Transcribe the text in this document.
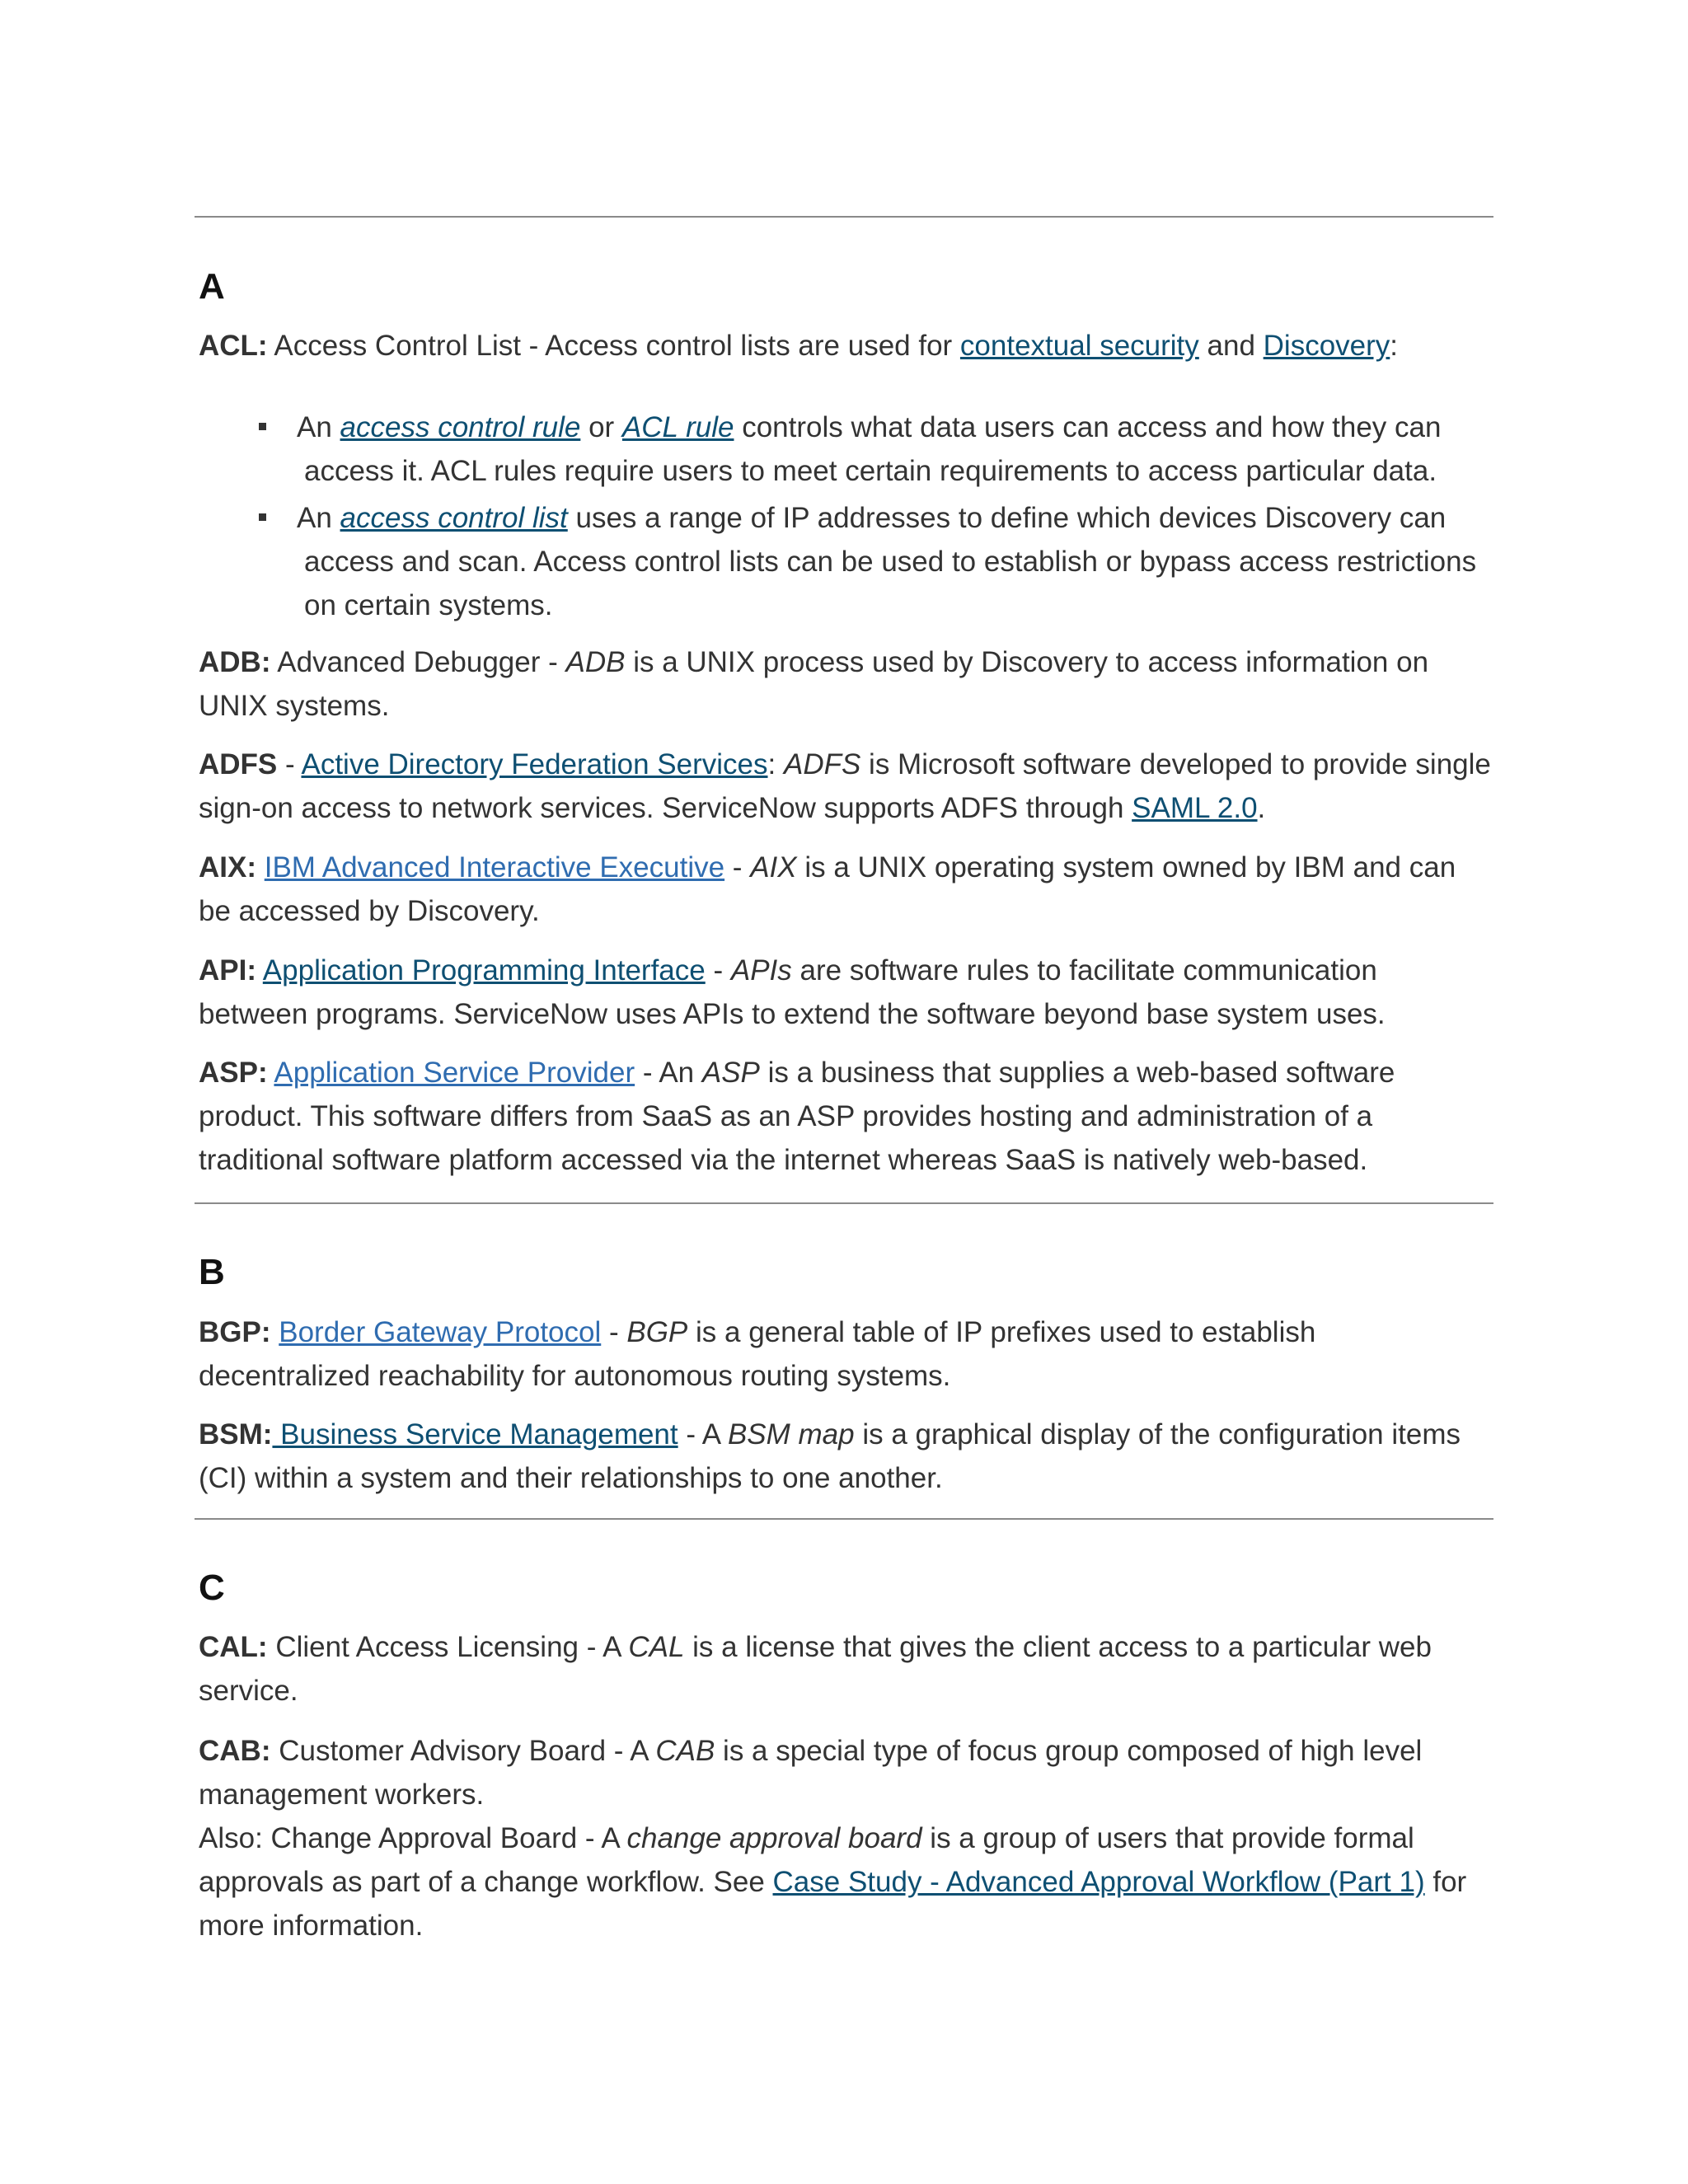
A

ACL: Access Control List - Access control lists are used for contextual security and Discovery:

An access control rule or ACL rule controls what data users can access and how they can access it. ACL rules require users to meet certain requirements to access particular data.
An access control list uses a range of IP addresses to define which devices Discovery can access and scan. Access control lists can be used to establish or bypass access restrictions on certain systems.

ADB: Advanced Debugger - ADB is a UNIX process used by Discovery to access information on UNIX systems.

ADFS - Active Directory Federation Services: ADFS is Microsoft software developed to provide single sign-on access to network services. ServiceNow supports ADFS through SAML 2.0.

AIX: IBM Advanced Interactive Executive - AIX is a UNIX operating system owned by IBM and can be accessed by Discovery.

API: Application Programming Interface - APIs are software rules to facilitate communication between programs. ServiceNow uses APIs to extend the software beyond base system uses.

ASP: Application Service Provider - An ASP is a business that supplies a web-based software product. This software differs from SaaS as an ASP provides hosting and administration of a traditional software platform accessed via the internet whereas SaaS is natively web-based.

B

BGP: Border Gateway Protocol - BGP is a general table of IP prefixes used to establish decentralized reachability for autonomous routing systems.

BSM: Business Service Management - A BSM map is a graphical display of the configuration items (CI) within a system and their relationships to one another.

C

CAL: Client Access Licensing - A CAL is a license that gives the client access to a particular web service.

CAB: Customer Advisory Board - A CAB is a special type of focus group composed of high level management workers.
Also: Change Approval Board - A change approval board is a group of users that provide formal approvals as part of a change workflow. See Case Study - Advanced Approval Workflow (Part 1) for more information.
